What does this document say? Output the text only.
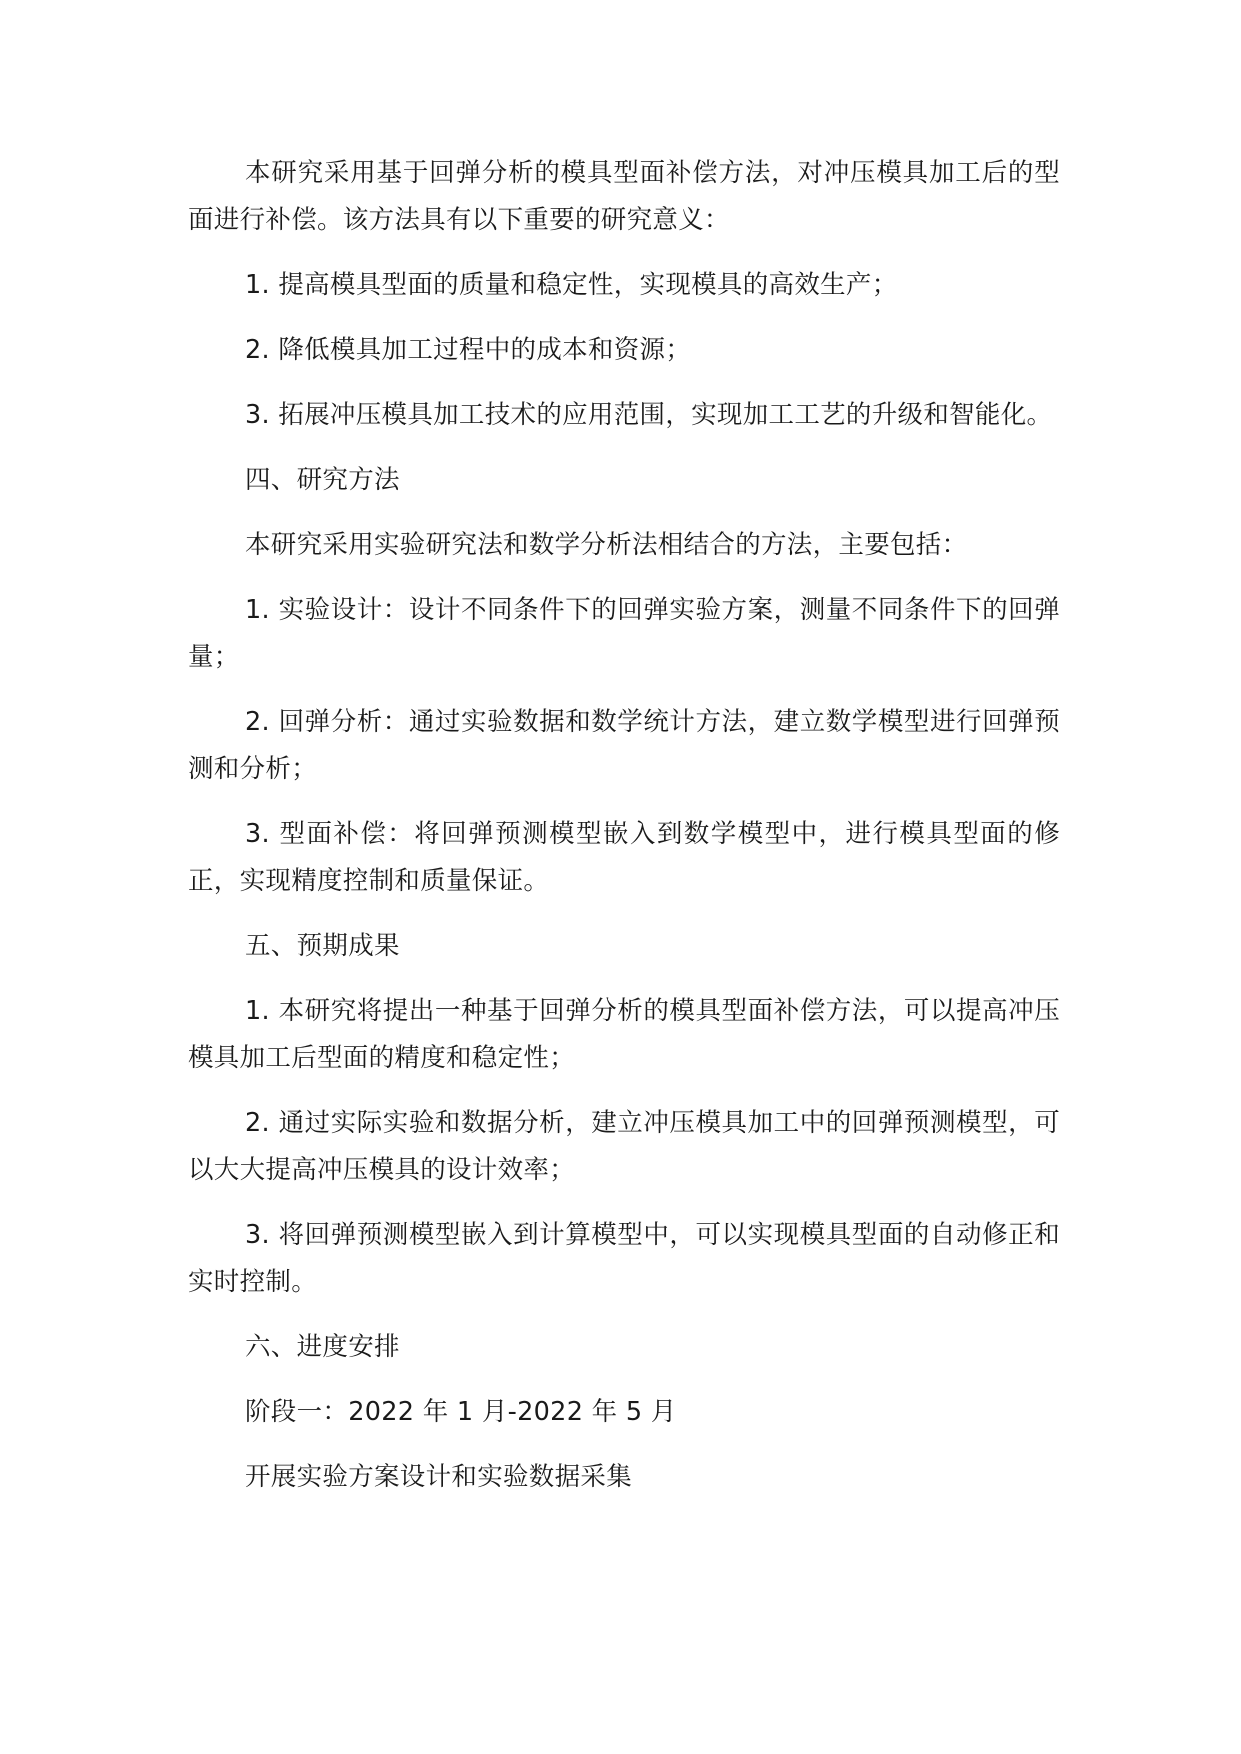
本研究采用基于回弹分析的模具型面补偿方法，对冲压模具加工后的型面进行补偿。该方法具有以下重要的研究意义：

1. 提高模具型面的质量和稳定性，实现模具的高效生产；

2. 降低模具加工过程中的成本和资源；

3. 拓展冲压模具加工技术的应用范围，实现加工工艺的升级和智能化。

四、研究方法

本研究采用实验研究法和数学分析法相结合的方法，主要包括：

1. 实验设计：设计不同条件下的回弹实验方案，测量不同条件下的回弹量；

2. 回弹分析：通过实验数据和数学统计方法，建立数学模型进行回弹预测和分析；

3. 型面补偿：将回弹预测模型嵌入到数学模型中，进行模具型面的修正，实现精度控制和质量保证。

五、预期成果

1. 本研究将提出一种基于回弹分析的模具型面补偿方法，可以提高冲压模具加工后型面的精度和稳定性；

2. 通过实际实验和数据分析，建立冲压模具加工中的回弹预测模型，可以大大提高冲压模具的设计效率；

3. 将回弹预测模型嵌入到计算模型中，可以实现模具型面的自动修正和实时控制。

六、进度安排

阶段一：2022 年 1 月-2022 年 5 月

开展实验方案设计和实验数据采集
